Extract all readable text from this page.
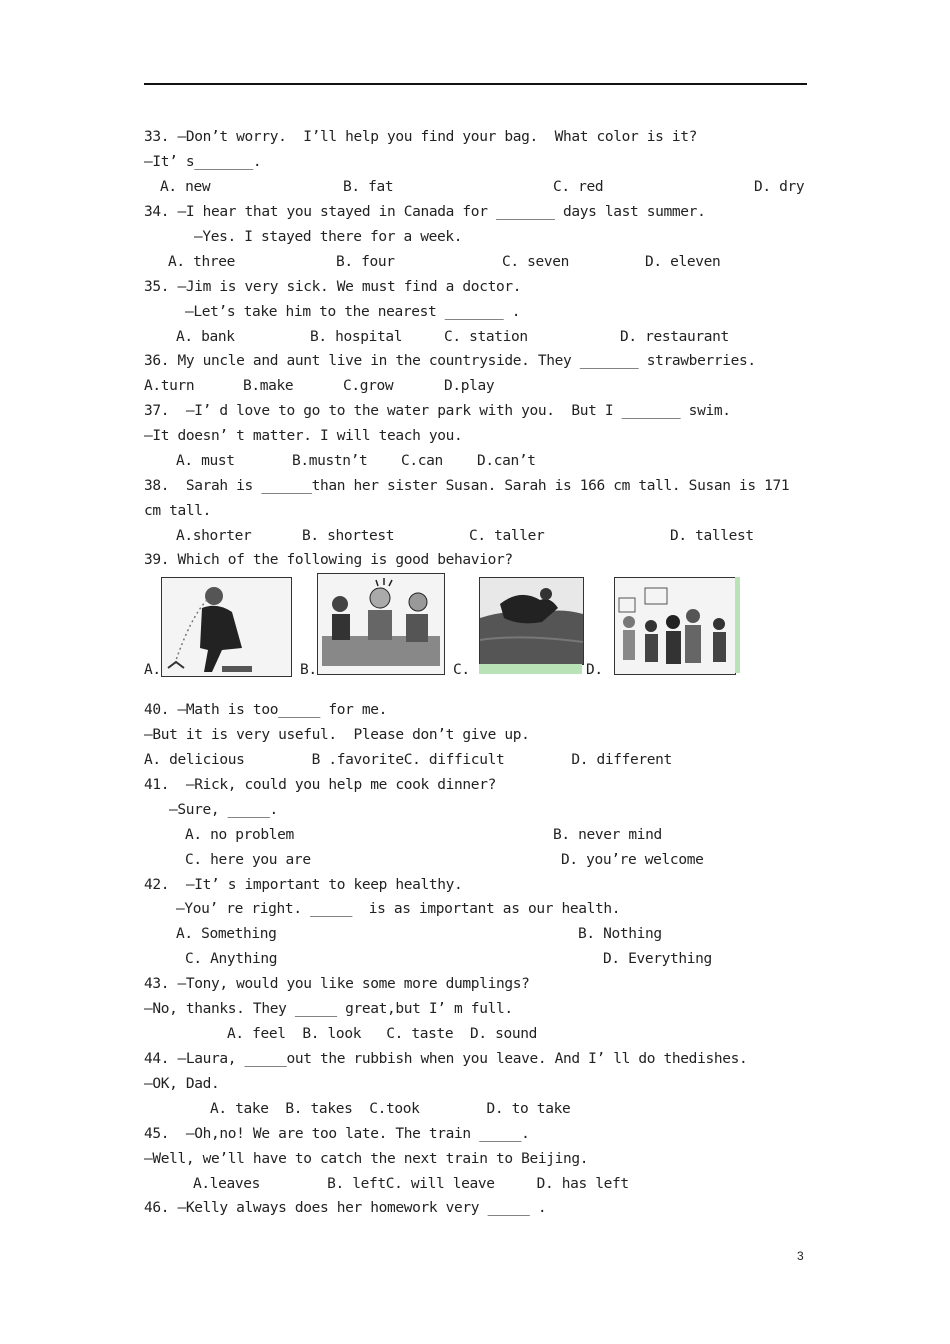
33. —Don’t worry.  I’ll help you find your bag.  What color is it?
—It’ s_______.
A. new	B. fat	C. red	D. dry
34. —I hear that you stayed in Canada for _______ days last summer.
—Yes. I stayed there for a week.
A. three	B. four	C. seven	D. eleven
35. —Jim is very sick. We must find a doctor.
—Let’s take him to the nearest _______ .
A. bank	B. hospital	C. station	D. restaurant
36. My uncle and aunt live in the countryside. They _______ strawberries.
A.turn	B.make	C.grow	D.play
37.  —I’ d love to go to the water park with you.  But I _______ swim.
—It doesn’ t matter. I will teach you.
A. must	B.mustn’t C.can D.can’t
38.  Sarah is ______than her sister Susan. Sarah is 166 cm tall. Susan is 171
cm tall.
A.shorter	B. shortest	C. taller	D. tallest
39. Which of the following is good behavior?
A.	B.	C.	D.
40. —Math is too_____ for me.
—But it is very useful.  Please don’t give up.
A. delicious        B .favoriteC. difficult        D. different
41.  —Rick, could you help me cook dinner?
—Sure, _____.
A. no problem	B. never mind
C. here you are	D. you’re welcome
42.  —It’ s important to keep healthy.
—You’ re right. _____  is as important as our health.
A. Something	B. Nothing
C. Anything	D. Everything
43. —Tony, would you like some more dumplings?
—No, thanks. They _____ great,but I’ m full.
A. feel  B. look   C. taste  D. sound
44. —Laura, _____out the rubbish when you leave. And I’ ll do thedishes.
—OK, Dad.
A. take  B. takes  C.took        D. to take
45.  —Oh,no! We are too late. The train _____.
—Well, we’ll have to catch the next train to Beijing.
A.leaves        B. leftC. will leave     D. has left
46. —Kelly always does her homework very _____ .
3
